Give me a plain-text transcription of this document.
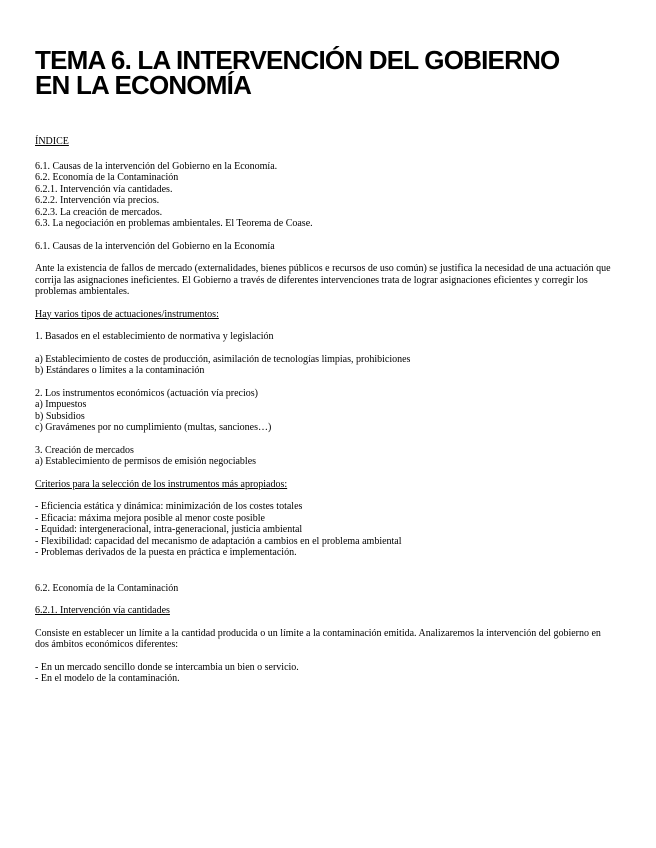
TEMA 6. LA INTERVENCIÓN DEL GOBIERNO
EN LA ECONOMÍA
ÍNDICE
6.1. Causas de la intervención del Gobierno en la Economía.
6.2. Economía de la Contaminación
6.2.1. Intervención vía cantidades.
6.2.2. Intervención vía precios.
6.2.3. La creación de mercados.
6.3. La negociación en problemas ambientales. El Teorema de Coase.
6.1. Causas de la intervención del Gobierno en la Economía
Ante la existencia de fallos de mercado (externalidades, bienes públicos e recursos de uso común) se justifica la necesidad de una actuación que corrija las asignaciones ineficientes. El Gobierno a través de diferentes intervenciones trata de lograr asignaciones eficientes y corregir los problemas ambientales.
Hay varios tipos de actuaciones/instrumentos:
1. Basados en el establecimiento de normativa y legislación
a) Establecimiento de costes de producción, asimilación de tecnologías limpias, prohibiciones
b) Estándares o límites a la contaminación
2. Los instrumentos económicos (actuación vía precios)
a) Impuestos
b) Subsidios
c) Gravámenes por no cumplimiento (multas, sanciones…)
3. Creación de mercados
a) Establecimiento de permisos de emisión negociables
Criterios para la selección de los instrumentos más apropiados:
- Eficiencia estática y dinámica: minimización de los costes totales
- Eficacia: máxima mejora posible al menor coste posible
- Equidad: intergeneracional, intra-generacional, justicia ambiental
- Flexibilidad: capacidad del mecanismo de adaptación a cambios en el problema ambiental
- Problemas derivados de la puesta en práctica e implementación.
6.2. Economía de la Contaminación
6.2.1. Intervención vía cantidades
Consiste en establecer un límite a la cantidad producida o un límite a la contaminación emitida. Analizaremos la intervención del gobierno en dos ámbitos económicos diferentes:
- En un mercado sencillo donde se intercambia un bien o servicio.
- En el modelo de la contaminación.
